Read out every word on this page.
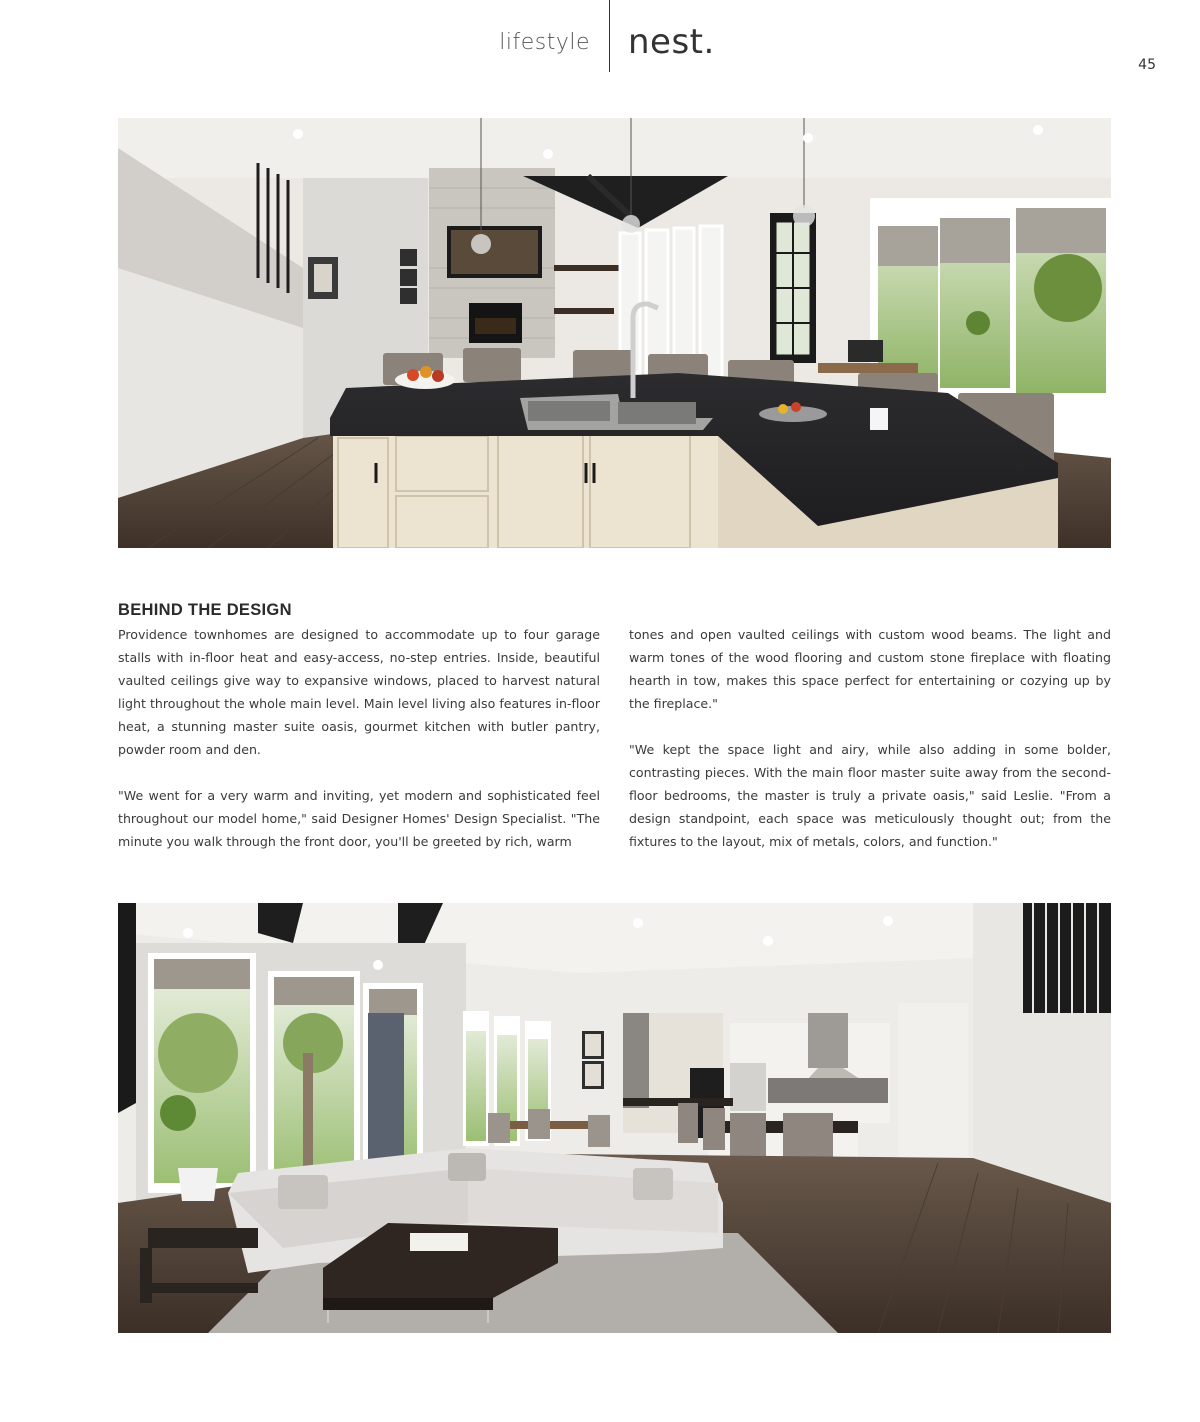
lifestyle nest.
45
BEHIND THE DESIGN

Providence townhomes are designed to accommodate up to four garage stalls with in-floor heat and easy-access, no-step entries. Inside, beautiful vaulted ceilings give way to expansive windows, placed to harvest natural light throughout the whole main level. Main level living also features in-floor heat, a stunning master suite oasis, gourmet kitchen with butler pantry, powder room and den.

"We went for a very warm and inviting, yet modern and sophisticated feel throughout our model home," said Designer Homes' Design Specialist. "The minute you walk through the front door, you'll be greeted by rich, warm

tones and open vaulted ceilings with custom wood beams. The light and warm tones of the wood flooring and custom stone fireplace with floating hearth in tow, makes this space perfect for entertaining or cozying up by the fireplace."

"We kept the space light and airy, while also adding in some bolder, contrasting pieces. With the main floor master suite away from the second-floor bedrooms, the master is truly a private oasis," said Leslie. "From a design standpoint, each space was meticulously thought out; from the fixtures to the layout, mix of metals, colors, and function."
